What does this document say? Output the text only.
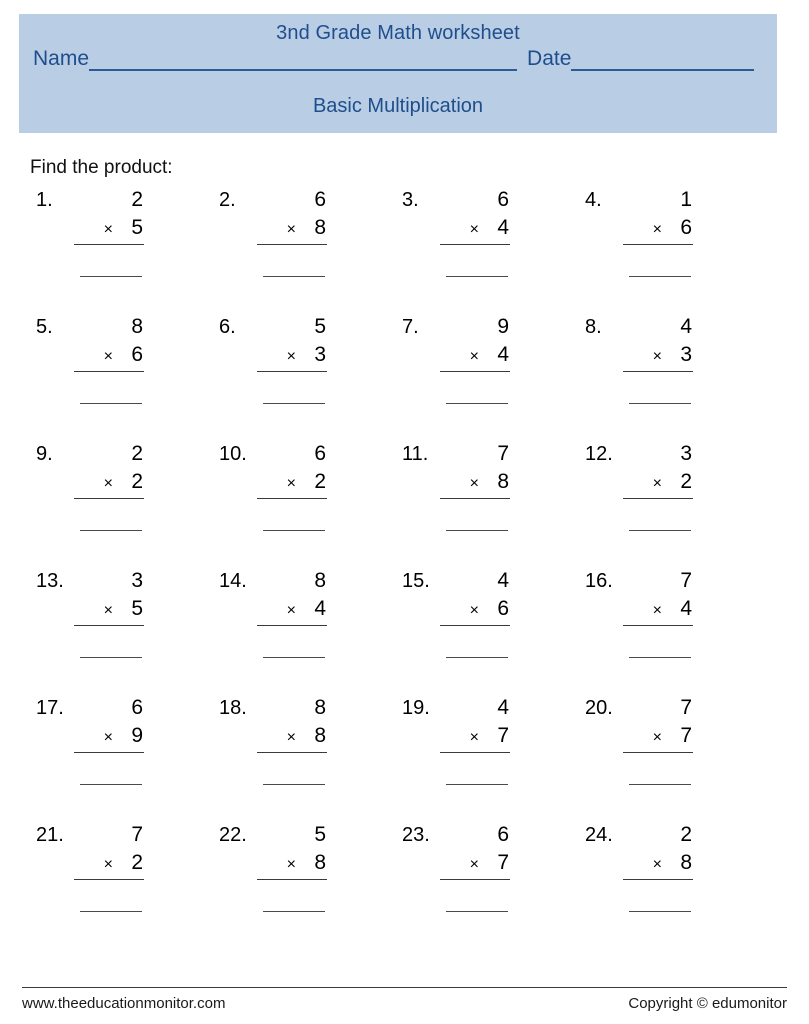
3nd Grade Math worksheet
Name	Date
Basic Multiplication
Find the product:
1.	2
× 5
2.	6
× 8
3.	6
× 4
4.	1
× 6
5.	8
× 6
6.	5
× 3
7.	9
× 4
8.	4
× 3
9.	2
× 2
10.	6
× 2
11.	7
× 8
12.	3
× 2
13.	3
× 5
14.	8
× 4
15.	4
× 6
16.	7
× 4
17.	6
× 9
18.	8
× 8
19.	4
× 7
20.	7
× 7
21.	7
× 2
22.	5
× 8
23.	6
× 7
24.	2
× 8
www.theeducationmonitor.com	Copyright © edumonitor
